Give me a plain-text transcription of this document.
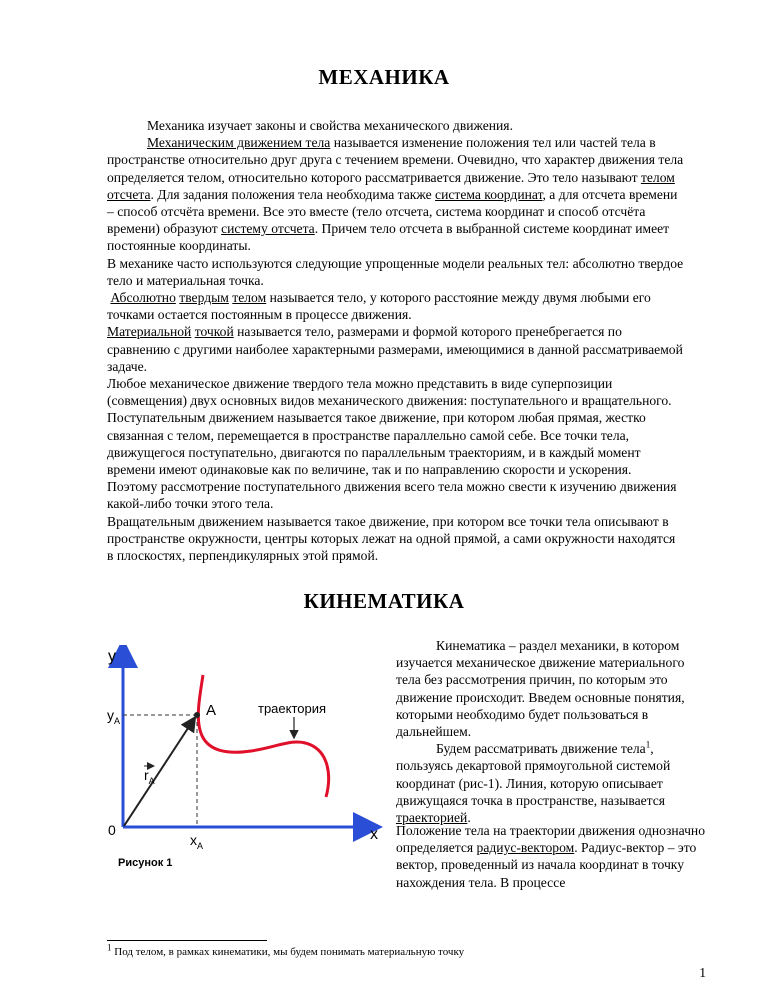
МЕХАНИКА

Механика изучает законы и свойства механического движения.

Механическим движением тела называется изменение положения тел или частей тела в пространстве относительно друг друга с течением времени. Очевидно, что характер движения тела определяется телом, относительно которого рассматривается движение. Это тело называют телом отсчета. Для задания положения тела необходима также система координат, а для отсчета времени – способ отсчёта времени. Все это вместе (тело отсчета, система координат и способ отсчёта времени) образуют систему отсчета. Причем тело отсчета в выбранной системе координат имеет постоянные координаты.

В механике часто используются следующие упрощенные модели реальных тел: абсолютно твердое тело и материальная точка.

Абсолютно твердым телом называется тело, у которого расстояние между двумя любыми его точками остается постоянным в процессе движения.

Материальной точкой называется тело, размерами и формой которого пренебрегается по сравнению с другими наиболее характерными размерами, имеющимися в данной рассматриваемой задаче.

Любое механическое движение твердого тела можно представить в виде суперпозиции (совмещения) двух основных видов механического движения: поступательного и вращательного.

Поступательным движением называется такое движение, при котором любая прямая, жестко связанная с телом, перемещается в пространстве параллельно самой себе. Все точки тела, движущегося поступательно, двигаются по параллельным траекториям, и в каждый момент времени имеют одинаковые как по величине, так и по направлению скорости и ускорения. Поэтому рассмотрение поступательного движения всего тела можно свести к изучению движения какой-либо точки этого тела.

Вращательным движением называется такое движение, при котором все точки тела описывают в пространстве окружности, центры которых лежат на одной прямой, а сами окружности находятся в плоскостях, перпендикулярных этой прямой.

КИНЕМАТИКА

Кинематика – раздел механики, в котором изучается механическое движение материального тела без рассмотрения причин, по которым это движение происходит. Введем основные понятия, которыми необходимо будет пользоваться в дальнейшем.

Будем рассматривать движение тела$^1$, пользуясь декартовой прямоугольной системой координат (рис-1). Линия, которую описывает движущаяся точка в пространстве, называется траекторией.

Положение тела на траектории движения однозначно определяется радиус-вектором. Радиус-вектор – это вектор, проведенный из начала координат в точку нахождения тела. В процессе

y
x
0
$y_A$
$x_A$
A
$r_A$
траектория
Рисунок 1
$^1$ Под телом, в рамках кинематики, мы будем понимать материальную точку
1
